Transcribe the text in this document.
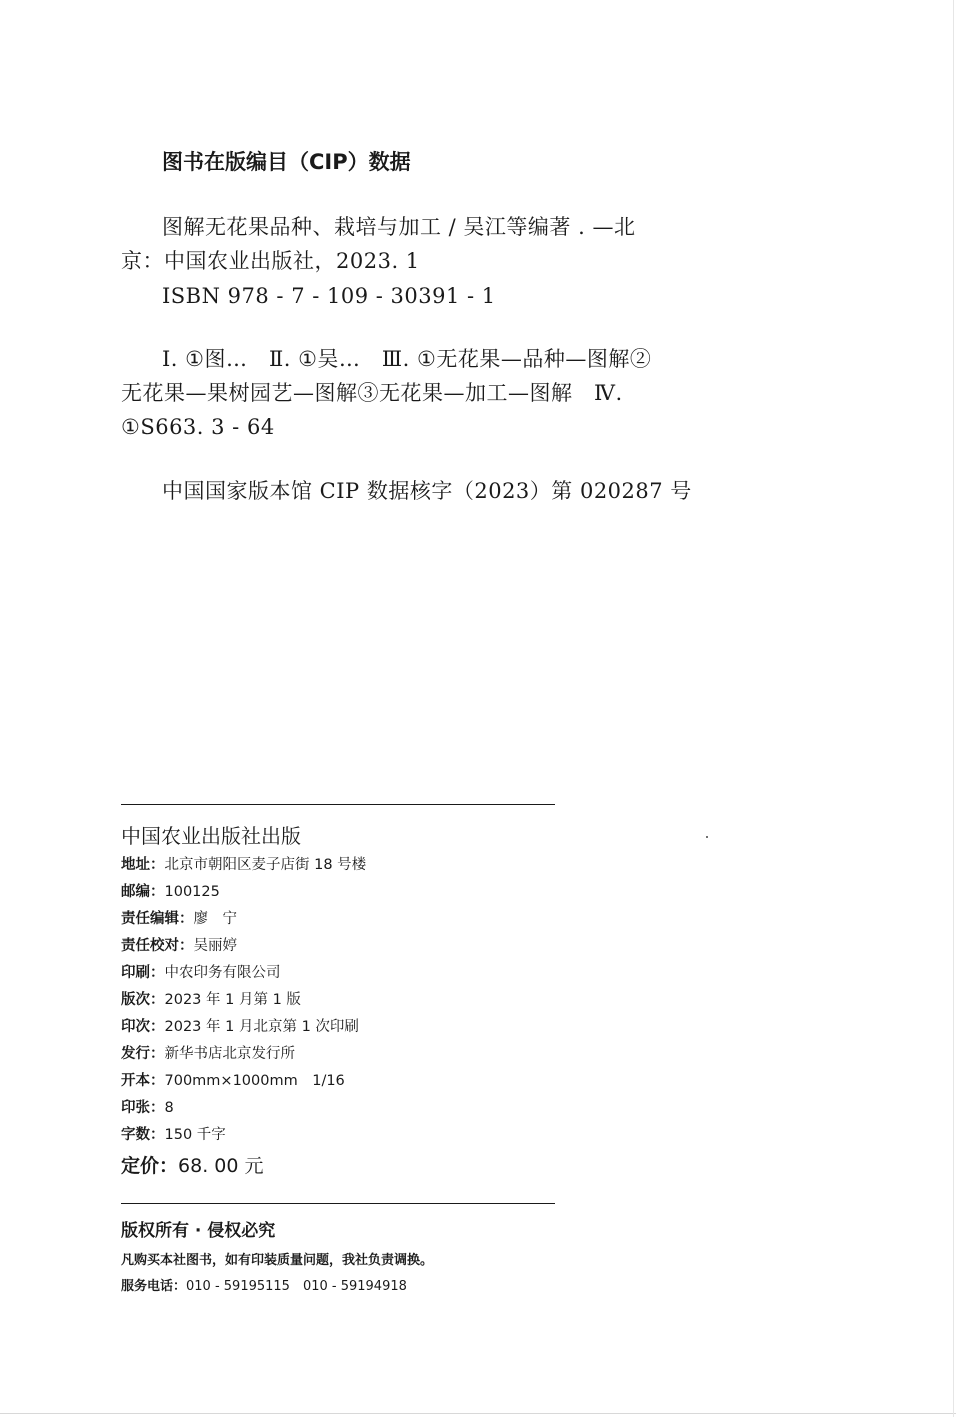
图书在版编目（CIP）数据
图解无花果品种、栽培与加工 / 吴江等编著 . —北
京：中国农业出版社，2023. 1
ISBN 978 - 7 - 109 - 30391 - 1
Ⅰ. ①图…　Ⅱ. ①吴…　Ⅲ. ①无花果—品种—图解②
无花果—果树园艺—图解③无花果—加工—图解　Ⅳ.
①S663. 3 - 64
中国国家版本馆 CIP 数据核字（2023）第 020287 号
中国农业出版社出版
地址：北京市朝阳区麦子店街 18 号楼
邮编：100125
责任编辑：廖　宁
责任校对：吴丽婷
印刷：中农印务有限公司
版次：2023 年 1 月第 1 版
印次：2023 年 1 月北京第 1 次印刷
发行：新华书店北京发行所
开本：700mm×1000mm　1/16
印张：8
字数：150 千字
定价：68. 00 元
版权所有 · 侵权必究
凡购买本社图书，如有印装质量问题，我社负责调换。
服务电话：010 - 59195115　010 - 59194918
